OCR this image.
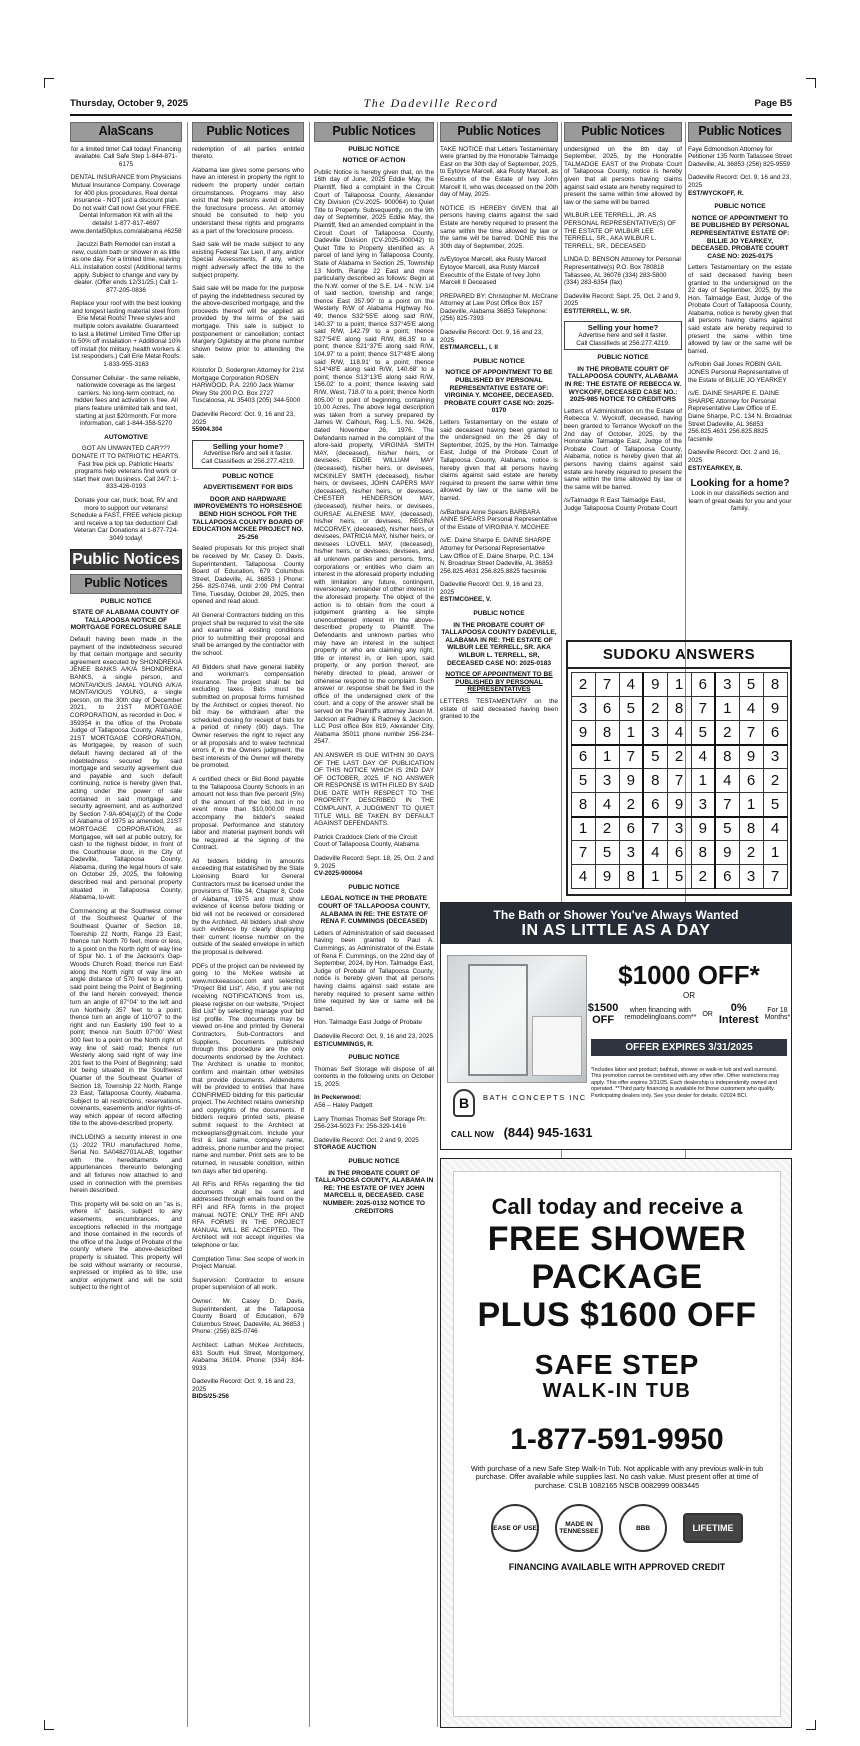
Thursday, October 9, 2025	The Dadeville Record	Page B5
AlaScans

for a limited time! Call today! Financing available. Call Safe Step 1-844-871-6175

DENTAL INSURANCE from Physicians Mutual Insurance Company. Coverage for 400 plus procedures. Real dental insurance - NOT just a discount plan. Do not wait! Call now! Get your FREE Dental Information Kit with all the details! 1-877-817-4697 www.dental50plus.com/alabama #6258

Jacuzzi Bath Remodel can install a new, custom bath or shower in as little as one day. For a limited time, waiving ALL installation costs! (Additional terms apply. Subject to change and vary by dealer. (Offer ends 12/31/25.) Call 1-877-205-0836

Replace your roof with the best looking and longest lasting material steel from Erie Metal Roofs! Three styles and multiple colors available. Guaranteed to last a lifetime! Limited Time Offer up to 50% off installation + Additional 10% off install (for military, health workers & 1st responders.) Call Erie Metal Roofs: 1-833-955-3163

Consumer Cellular - the same reliable, nationwide coverage as the largest carriers. No long-term contract, no hidden fees and activation is free. All plans feature unlimited talk and text, starting at just $20/month. For more information, call 1-844-358-5270

AUTOMOTIVE

GOT AN UNWANTED CAR??? DONATE IT TO PATRIOTIC HEARTS. Fast free pick up. Patriotic Hearts' programs help veterans find work or start their own business. Call 24/7: 1-833-426-0193

Donate your car, truck, boat, RV and more to support our veterans! Schedule a FAST, FREE vehicle pickup and receive a top tax deduction! Call Veteran Car Donations at 1-877-724-3049 today!

Public Notices
Public Notices

PUBLIC NOTICE

STATE OF ALABAMA COUNTY OF TALLAPOOSA NOTICE OF MORTGAGE FORECLOSURE SALE

Default having been made in the payment of the indebtedness secured by that certain mortgage and security agreement executed by SHONDREKIA JENEE BANKS A/K/A SHONDREKA BANKS, a single person, and MONTAVIOUS JAMAL YOUNG A/K/A MONTAVIOUS YOUNG, a single person, on the 30th day of December 2021, to 21ST MORTGAGE CORPORATION, as recorded in Doc. # 359354 in the office of the Probate Judge of Tallapoosa County, Alabama, 21ST MORTGAGE CORPORATION, as Mortgagee, by reason of such default having declared all of the indebtedness secured by said mortgage and security agreement due and payable and such default continuing, notice is hereby given that, acting under the power of sale contained in said mortgage and security agreement, and as authorized by Section 7-9A-604(a)(2) of the Code of Alabama of 1975 as amended, 21ST MORTGAGE CORPORATION, as Mortgagee, will sell at public outcry, for cash to the highest bidder, in front of the Courthouse door, in the City of Dadeville, Tallapoosa County, Alabama, during the legal hours of sale on October 29, 2025, the following described real and personal property situated in Tallapoosa County, Alabama, to-wit:

Commencing at the Southwest corner of the Southwest Quarter of the Southeast Quarter of Section 18, Township 22 North, Range 23 East; thence run North 70 feet, more or less, to a point on the North right of way line of Spur No. 1 of the Jackson's Gap-Woods Church Road; thence run East along the North right of way line an angle distance of 570 feet to a point, said point being the Point of Beginning of the land herein conveyed; thence turn an angle of 87°04' to the left and run Northerly 357 feet to a point; thence turn an angle of 110°07' to the right and run Easterly 190 feet to a point; thence run South 07°00' West 300 feet to a point on the North right of way line of said road; thence run Westerly along said right of way line 201 feet to the Point of Beginning; said lot being situated in the Southwest Quarter of the Southeast Quarter of Section 18, Township 22 North, Range 23 East, Tallapoosa County, Alabama. Subject to all restrictions, reservations, covenants, easements and/or rights-of-way which appear of record affecting title to the above-described property.

INCLUDING a security interest in one (1) 2022 TRU manufactured home, Serial No. SA0482701ALAB; together with the hereditaments and appurtenances thereunto belonging and all fixtures now attached to and used in connection with the premises herein described.

This property will be sold on an "as is, where is" basis, subject to any easements, encumbrances, and exceptions reflected in the mortgage and those contained in the records of the office of the Judge of Probate of the county where the above-described property is situated. This property will be sold without warranty or recourse, expressed or implied as to title, use and/or enjoyment and will be sold subject to the right of

Public Notices

redemption of all parties entitled thereto.

Alabama law gives some persons who have an interest in property the right to redeem the property under certain circumstances. Programs may also exist that help persons avoid or delay the foreclosure process. An attorney should be consulted to help you understand these rights and programs as a part of the foreclosure process.

Said sale will be made subject to any existing Federal Tax Lien, if any, and/or Special Assessments, if any, which might adversely affect the title to the subject property.

Said sale will be made for the purpose of paying the indebtedness secured by the above-described mortgage, and the proceeds thereof will be applied as provided by the terms of the said mortgage. This sale is subject to postponement or cancellation; contact Margery Ogletsby at the phone number shown below prior to attending the sale.

Kristofor D. Sodergren Attorney for 21st Mortgage Corporation ROSEN HARWOOD, P.A. 2200 Jack Warner Pkwy Ste 200 P.O. Box 2727 Tuscaloosa, AL 35403 (205) 344-5000

Dadeville Record: Oct. 9, 16 and 23, 2025

55904.304

Selling your home?
Advertise here and sell it faster.
Call Classifieds at 256.277.4219.

PUBLIC NOTICE

ADVERTISEMENT FOR BIDS

DOOR AND HARDWARE IMPROVEMENTS TO HORSESHOE BEND HIGH SCHOOL FOR THE TALLAPOOSA COUNTY BOARD OF EDUCATION MCKEE PROJECT NO. 25-256

Sealed proposals for this project shall be received by Mr. Casey D. Davis, Superintendent, Tallapoosa County Board of Education, 679 Columbus Street, Dadeville, AL 36853 | Phone: 256- 825-0746, until 2:00 PM Central Time, Tuesday, October 28, 2025, then opened and read aloud.

All General Contractors bidding on this project shall be required to visit the site and examine all existing conditions prior to submitting their proposal and shall be arranged by the contractor with the school.

All Bidders shall have general liability and workman's compensation insurance. The project shall be bid excluding taxes. Bids must be submitted on proposal forms furnished by the Architect or copies thereof. No bid may be withdrawn after the scheduled closing for receipt of bids for a period of ninety (90) days. The Owner reserves the right to reject any or all proposals and to waive technical errors if, in the Owners judgment, the best interests of the Owner will thereby be promoted.

A certified check or Bid Bond payable to the Tallapoosa County Schools in an amount not less than five percent (5%) of the amount of the bid, but in no event more than $10,000.00 must accompany the bidder's sealed proposal. Performance and statutory labor and material payment bonds will be required at the signing of the Contract.

All bidders bidding in amounts exceeding that established by the State Licensing Board for General Contractors must be licensed under the provisions of Title 34, Chapter 8, Code of Alabama, 1975 and must show evidence of license before bidding or bid will not be received or considered by the Architect. All bidders shall show such evidence by clearly displaying their current license number on the outside of the sealed envelope in which the proposal is delivered.

PDFs of the project can be reviewed by going to the McKee website at www.mckeeassoc.com and selecting "Project Bid List". Also, if you are not receiving NOTIFICATIONS from us, please register on our website, "Project Bid List" by selecting manage your bid list profile. The documents may be viewed on-line and printed by General Contractors, Sub-Contractors and Suppliers. Documents published through this procedure are the only documents endorsed by the Architect. The Architect is unable to monitor, confirm and maintain other websites that provide documents. Addendums will be provided to entities that have CONFIRMED bidding for this particular project. The Architect retains ownership and copyrights of the documents. If bidders require printed sets, please submit request to the Architect at mckeeplans@gmail.com. Include your first & last name, company name, address, phone number and the project name and number. Print sets are to be returned, in reusable condition, within ten days after bid opening.

All RFIs and RFAs regarding the bid documents shall be sent and addressed through emails found on the RFI and RFA forms in the project manual. NOTE: ONLY THE RFI AND RFA FORMS IN THE PROJECT MANUAL WILL BE ACCEPTED. The Architect will not accept inquiries via telephone or fax.

Completion Time: See scope of work in Project Manual.

Supervision: Contractor to ensure proper supervision of all work.

Owner: Mr. Casey D. Davis, Superintendent, at the Tallapoosa County Board of Education, 679 Columbus Street, Dadeville, AL 36853 | Phone: (256) 825-0746

Architect: Lathan McKee Architects, 631 South Hull Street, Montgomery, Alabama 36104. Phone: (334) 834-9933

Dadeville Record: Oct. 9, 16 and 23, 2025

BIDS/25-256

Public Notices

PUBLIC NOTICE

NOTICE OF ACTION

Public Notice is hereby given that, on the 16th day of June, 2025 Eddie May, the Plaintiff, filed a complaint in the Circuit Court of Tallapoosa County, Alexander City Division (CV-2025- 900064) to Quiet Title to Property. Subsequently, on the 9th day of September, 2025 Eddie May, the Plaintiff, filed an amended complaint in the Circuit Court of Tallapoosa County, Dadeville Division (CV-2025-000042) to Quiet Title to Property identified as: A parcel of land lying in Tallapoosa County, State of Alabama in Section 25, Township 13 North, Range 22 East and more particularly described as follows: Begin at the N.W. corner of the S.E. 1/4 - N.W. 1/4 of said section, township and range; thence East 357.90' to a point on the Westerly R/W of Alabama Highway No. 49; thence S32°55'E along said R/W, 140.37' to a point; thence S37°45'E along said R/W, 142.79' to a point; thence S27°54'E along said R/W, 86.35' to a point; thence S21°37'E along said R/W, 104.97' to a point; thence S17°48'E along said R/W, 118.91' to a point; thence S14°48'E along said R/W, 140.68' to a point; thence S13°13'E along said R/W, 156.02' to a point; thence leaving said R/W, West, 718.0' to a point; thence North 805.00' to point of beginning, containing 10.00 Acres. The above legal description was taken from a survey prepared by James W. Calhoun, Reg. L.S. No. 9426, dated November 26, 1976. The Defendants named in the complaint of the afore-said property, VIRGINIA SMITH MAY, (deceased), his/her heirs, or devisees, EDDIE WILLIAM MAY (deceased), his/her heirs, or devisees, MCKINLEY SMITH (deceased), his/her heirs, or devisees, JOHN CAPERS MAY (deceased), his/her heirs, or devisees, CHESTER HENDERSON MAY, (deceased), his/her heirs, or devisees, GURSAE ALENESE MAY, (deceased), his/her heirs, or devisees, REGINA MCCORVEY, (deceased), his/her heirs, or devisees, PATRICIA MAY, his/her heirs, or devisees LOVELL MAY, (deceased), his/her heirs, or devisees, devisees, and all unknown parties and persons, firms, corporations or entities who claim an interest in the aforesaid property including with limitation any future, contingent, reversionary, remainder of other interest in the aforesaid property. The object of the action is to obtain from the court a judgement granting a fee simple unencumbered interest in the above-described property to Plaintiff. The Defendants and unknown parties who may have an interest in the subject property or who are claiming any right, title or interest in, or lien upon, said property, or any portion thereof, are hereby directed to plead, answer or otherwise respond to the complaint. Such answer or response shall be filed in the office of the undersigned clerk of the court, and a copy of the answer shall be served on the Plaintiff's attorney Jason M. Jackson at Radney & Radney & Jackson, LLC Post office Box 819, Alexander City, Alabama 35011 phone number 256-234-2547.

AN ANSWER IS DUE WITHIN 30 DAYS OF THE LAST DAY OF PUBLICATION OF THIS NOTICE WHICH IS 2ND DAY OF OCTOBER, 2025. IF NO ANSWER OR RESPONSE IS WITH FILED BY SAID DUE DATE WITH RESPECT TO THE PROPERTY DESCRIBED IN THE COMPLAINT, A JUDGMENT TO QUIET TITLE WILL BE TAKEN BY DEFAULT AGAINST DEFENDANTS.

Patrick Craddock Clerk of the Circuit Court of Tallapoosa County, Alabama

Dadeville Record: Sept. 18, 25, Oct. 2 and 9, 2025

CV-2025-900064

PUBLIC NOTICE

LEGAL NOTICE IN THE PROBATE COURT OF TALLAPOOSA COUNTY, ALABAMA IN RE: THE ESTATE OF RENA F. CUMMINGS (DECEASED)

Letters of Administration of said deceased having been granted to Paul A. Cummings, as Administrator of the Estate of Rena F. Cummings, on the 22nd day of September, 2024, by Hon. Talmadge East, Judge of Probate of Tallapoosa County, notice is hereby given that all persons having claims against said estate are hereby required to present same within time required by law or same will be barred.

Hon. Talmadge East Judge of Probate

Dadeville Record: Oct. 9, 16 and 23, 2025

EST/CUMMINGS, R.

PUBLIC NOTICE

Thomas Self Storage will dispose of all contents in the following units on October 15, 2025:

In Peckerwood:

A56 – Haley Padgett

Larry Thomas Thomas Self Storage Ph: 256-234-5023 Fx: 256-329-1416

Dadeville Record: Oct. 2 and 9, 2025

STORAGE AUCTION

PUBLIC NOTICE

IN THE PROBATE COURT OF TALLAPOOSA COUNTY, ALABAMA IN RE: THE ESTATE OF IVEY JOHN MARCELL II, DECEASED. CASE NUMBER: 2025-0132 NOTICE TO CREDITORS

Public Notices

TAKE NOTICE that Letters Testamentary were granted by the Honorable Talmadge East on the 30th day of September, 2025, to Eytoyce Marcell, aka Rusty Marcell, as Executrix of the Estate of Ivey John Marcell II, who was deceased on the 20th day of May, 2025.

NOTICE IS HEREBY GIVEN that all persons having claims against the said Estate are hereby required to present the same within the time allowed by law or the same will be barred. DONE this the 30th day of September, 2025.

/s/Eytoyce Marcell, aka Rusty Marcell Eytoyce Marcell, aka Rusty Marcell Executrix of the Estate of Ivey John Marcell II Deceased

PREPARED BY: Christopher M. McCrane Attorney at Law Post Office Box 157 Dadeville, Alabama 36853 Telephone: (256) 825-7393

Dadeville Record: Oct. 9, 16 and 23, 2025

EST/MARCELL, I. II

PUBLIC NOTICE

NOTICE OF APPOINTMENT TO BE PUBLISHED BY PERSONAL REPRESENTATIVE ESTATE OF: VIRGINIA Y. MCGHEE, DECEASED. PROBATE COURT CASE NO: 2025-0170

Letters Testamentary on the estate of said deceased having been granted to the undersigned on the 26 day of September, 2025, by the Hon. Talmadge East, Judge of the Probate Court of Tallapoosa County, Alabama, notice is hereby given that all persons having claims against said estate are hereby required to present the same within time allowed by law or the same will be barred.

/s/Barbara Anne Spears BARBARA ANNE SPEARS Personal Representative of the Estate of VIRGINIA Y. MCGHEE

/s/E. Daine Sharpe E. DAINE SHARPE Attorney for Personal Representative Law Office of E. Daine Sharpe, P.C. 134 N. Broadnax Street Dadeville, AL 36853 256.825.4631 256.825.8825 facsimile

Dadeville Record: Oct. 9, 16 and 23, 2025

EST/MCGHEE, V.

PUBLIC NOTICE

IN THE PROBATE COURT OF TALLAPOOSA COUNTY DADEVILLE, ALABAMA IN RE: THE ESTATE OF WILBUR LEE TERRELL, SR. AKA WILBUR L. TERRELL, SR, DECEASED CASE NO: 2025-0183

NOTICE OF APPOINTMENT TO BE PUBLISHED BY PERSONAL REPRESENTATIVES

LETTERS TESTAMENTARY on the estate of said deceased having been granted to the

Public Notices

undersigned on the 8th day of September, 2025, by the Honorable TALMADGE EAST of the Probate Court of Tallapoosa County, notice is hereby given that all persons having claims against said estate are hereby required to present the same within time allowed by law or the same will be barred.

WILBUR LEE TERRELL, JR. AS PERSONAL REPRESENTATIVE(S) OF THE ESTATE OF WILBUR LEE TERRELL, SR., AKA WILBUR L. TERRELL, SR., DECEASED

LINDA D. BENSON Attorney for Personal Representative(s) P.O. Box 780818 Tallassee, AL 36078 (334) 283-5800 (334) 283-6354 (fax)

Dadeville Record: Sept. 25, Oct. 2 and 9, 2025

EST/TERRELL, W. SR.

Selling your home?
Advertise here and sell it faster.
Call Classifieds at 256.277.4219.

PUBLIC NOTICE

IN THE PROBATE COURT OF TALLAPOOSA COUNTY, ALABAMA IN RE: THE ESTATE OF REBECCA W. WYCKOFF, DECEASED CASE NO.: 2025-985 NOTICE TO CREDITORS

Letters of Administration on the Estate of Rebecca V. Wyckoff, deceased, having been granted to Terrance Wyckoff on the 2nd day of October, 2025, by the Honorable Talmadge East, Judge of the Probate Court of Tallapoosa County, Alabama, notice is hereby given that all persons having claims against said estate are hereby required to present the same within the time allowed by law or the same will be barred.

/s/Talmadge R East Talmadge East, Judge Tallapoosa County Probate Court

Public Notices

Faye Edmondson Attorney for Petitioner 135 North Tallassee Street Dadeville, AL 36853 (256) 825-9559

Dadeville Record: Oct. 9, 16 and 23, 2025

EST/WYCKOFF, R.

PUBLIC NOTICE

NOTICE OF APPOINTMENT TO BE PUBLISHED BY PERSONAL REPRESENTATIVE ESTATE OF: BILLIE JO YEARKEY, DECEASED. PROBATE COURT CASE NO: 2025-0175

Letters Testamentary on the estate of said deceased having been granted to the undersigned on the 22 day of September, 2025, by the Hon. Talmadge East, Judge of the Probate Court of Tallapoosa County, Alabama, notice is hereby given that all persons having claims against said estate are hereby required to present the same within time allowed by law or the same will be barred.

/s/Robin Gail Jones ROBIN GAIL JONES Personal Representative of the Estate of BILLIE JO YEARKEY

/s/E. DAINE SHARPE E. DAINE SHARPE Attorney for Personal Representative Law Office of E. Daine Sharpe, P.C. 134 N. Broadnax Street Dadeville, AL 36853 256.825.4631 256.825.8825 facsimile

Dadeville Record: Oct. 2 and 16, 2025

EST/YEARKEY, B.

Looking for a home?
Look in our classifieds section and learn of great deals for you and your family.
SUDOKU ANSWERS
2	7	4	9	1	6	3	5	8
3	6	5	2	8	7	1	4	9
9	8	1	3	4	5	2	7	6
6	1	7	5	2	4	8	9	3
5	3	9	8	7	1	4	6	2
8	4	2	6	9	3	7	1	5
1	2	6	7	3	9	5	8	4
7	5	3	4	6	8	9	2	1
4	9	8	1	5	2	6	3	7
The Bath or Shower You've Always Wanted
IN AS LITTLE AS A DAY
$1000 OFF*
OR
$1500 OFF
when financing with remodelingloans.com** OR	0% Interest
For 18 Months*
OFFER EXPIRES 3/31/2025
*Includes labor and product; bathtub, shower or walk-in tub and wall surround. This promotion cannot be combined with any other offer. Other restrictions may apply. This offer expires 3/31/25. Each dealership is independently owned and operated. **Third party financing is available for those customers who qualify. Participating dealers only. See your dealer for details. ©2024 BCI.
B	BATH CONCEPTS INC
CALL NOW (844) 945-1631
Call today and receive a
FREE SHOWER
PACKAGE
PLUS $1600 OFF
SAFE STEP
WALK-IN TUB
1-877-591-9950
With purchase of a new Safe Step Walk-In Tub. Not applicable with any previous walk-in tub purchase. Offer available while supplies last. No cash value. Must present offer at time of purchase. CSLB 1082165 NSCB 0082999 0083445
EASE OF USE	MADE IN TENNESSEE	BBB	LIFETIME
FINANCING AVAILABLE WITH APPROVED CREDIT
